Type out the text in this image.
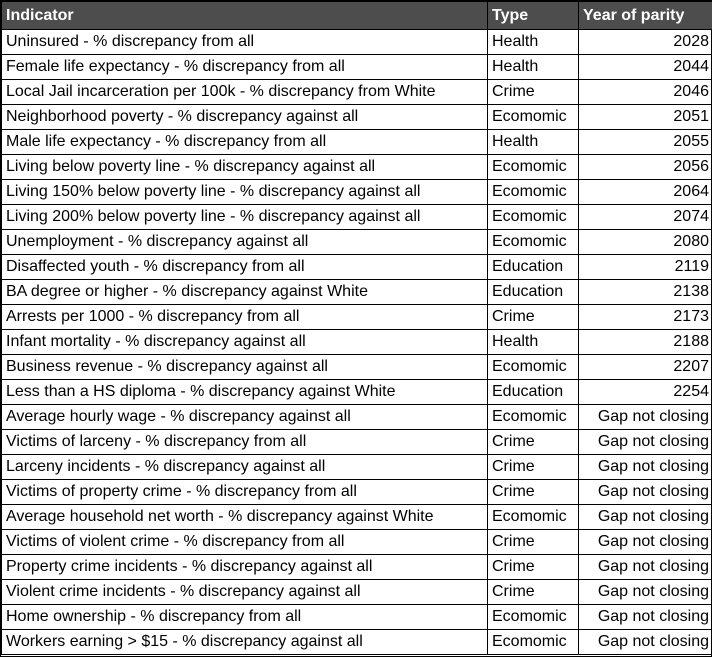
Indicator	Type	Year of parity
Uninsured - % discrepancy from all	Health	2028
Female life expectancy - % discrepancy from all	Health	2044
Local Jail incarceration per 100k - % discrepancy from White	Crime	2046
Neighborhood poverty - % discrepancy against all	Ecomomic	2051
Male life expectancy - % discrepancy from all	Health	2055
Living below poverty line - % discrepancy against all	Ecomomic	2056
Living 150% below poverty line - % discrepancy against all	Ecomomic	2064
Living 200% below poverty line - % discrepancy against all	Ecomomic	2074
Unemployment - % discrepancy against all	Ecomomic	2080
Disaffected youth - % discrepancy from all	Education	2119
BA degree or higher - % discrepancy against White	Education	2138
Arrests per 1000 - % discrepancy from all	Crime	2173
Infant mortality - % discrepancy against all	Health	2188
Business revenue - % discrepancy against all	Ecomomic	2207
Less than a HS diploma - % discrepancy against White	Education	2254
Average hourly wage - % discrepancy against all	Ecomomic	Gap not closing
Victims of larceny - % discrepancy from all	Crime	Gap not closing
Larceny incidents - % discrepancy against all	Crime	Gap not closing
Victims of property crime - % discrepancy from all	Crime	Gap not closing
Average household net worth - % discrepancy against White	Ecomomic	Gap not closing
Victims of violent crime - % discrepancy from all	Crime	Gap not closing
Property crime incidents - % discrepancy against all	Crime	Gap not closing
Violent crime incidents - % discrepancy against all	Crime	Gap not closing
Home ownership - % discrepancy from all	Ecomomic	Gap not closing
Workers earning > $15 - % discrepancy against all	Ecomomic	Gap not closing
